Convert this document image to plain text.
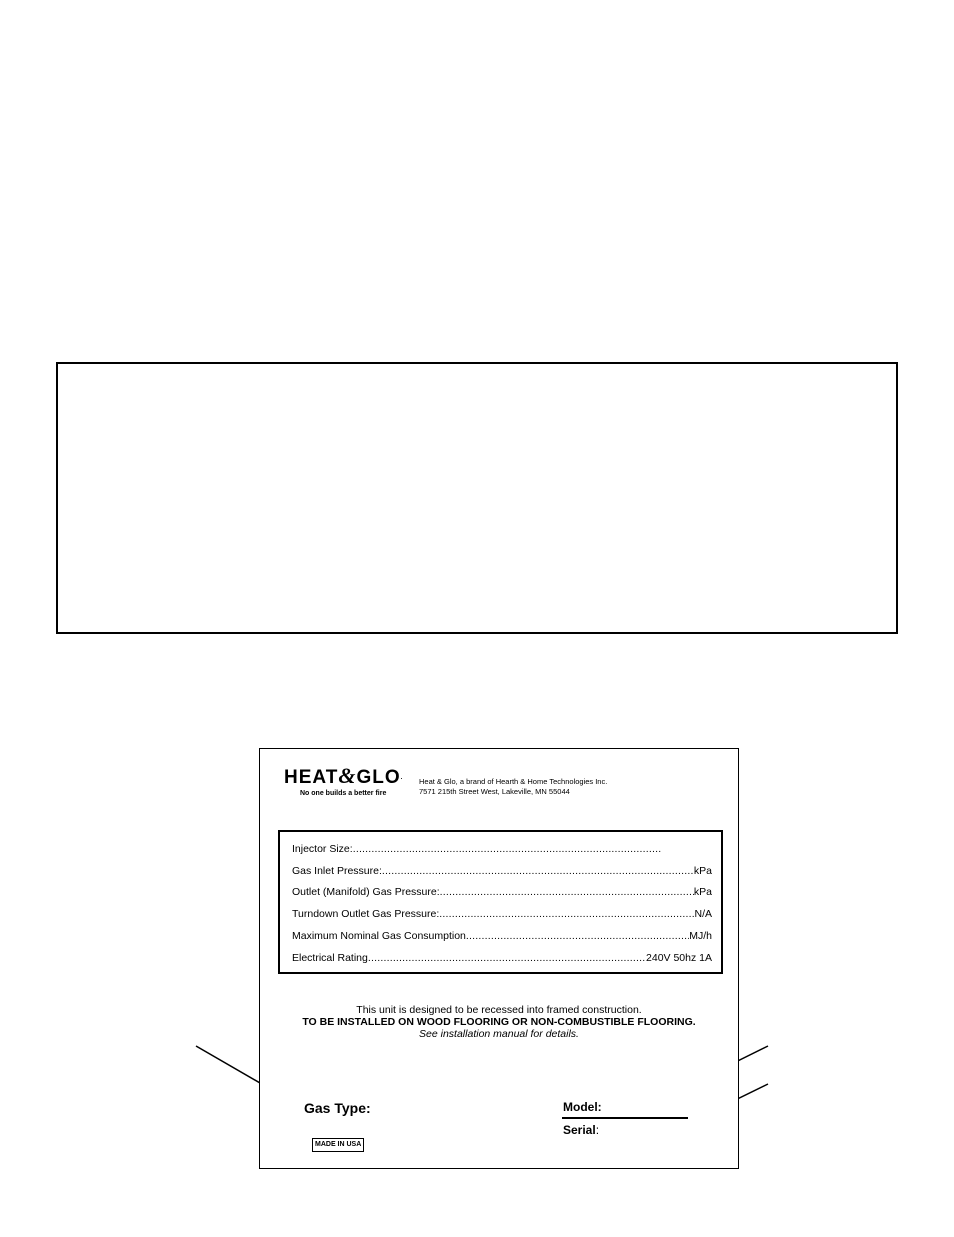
HEAT&GLO.
No one builds a better fire
Heat & Glo, a brand of Hearth & Home Technologies Inc.
7571 215th Street West, Lakeville, MN 55044
Injector Size:
.....
Gas Inlet Pressure: .....	kPa
Outlet (Manifold) Gas Pressure: .....	kPa
Turndown Outlet Gas Pressure: .....	N/A
Maximum Nominal Gas Consumption .....	MJ/h
Electrical Rating .....	240V 50hz 1A
This unit is designed to be recessed into framed construction.
TO BE INSTALLED ON WOOD FLOORING OR NON-COMBUSTIBLE FLOORING.
See installation manual for details.
Gas Type:
MADE IN USA
Model:
Serial:
